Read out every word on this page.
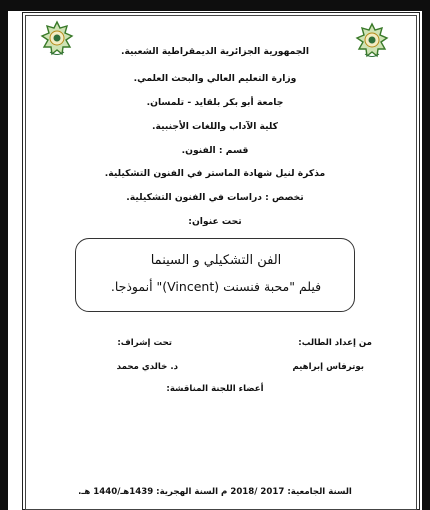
الجمهورية الجزائرية الديمقراطية الشعبية.
وزارة التعليم العالي والبحث العلمي.
جامعة أبو بكر بلقايد - تلمسان.
كلية الآداب واللغات الأجنبية.
قسم : الفنون.
مذكرة لنيل شهادة الماستر في الفنون التشكيلية.
تخصص : دراسات في الفنون التشكيلية.
تحت عنوان:
الفن التشكيلي و السينما
فيلم "محبة فنسنت (Vincent)" أنموذجا.
من إعداد الطالب:
تحت إشراف:
بوترفاس إبراهيم
د. خالدي محمد
أعضاء اللجنة المناقشة:
السنة الجامعية: 2017 /2018 م السنة الهجرية: 1439هـ/1440 هـ.
